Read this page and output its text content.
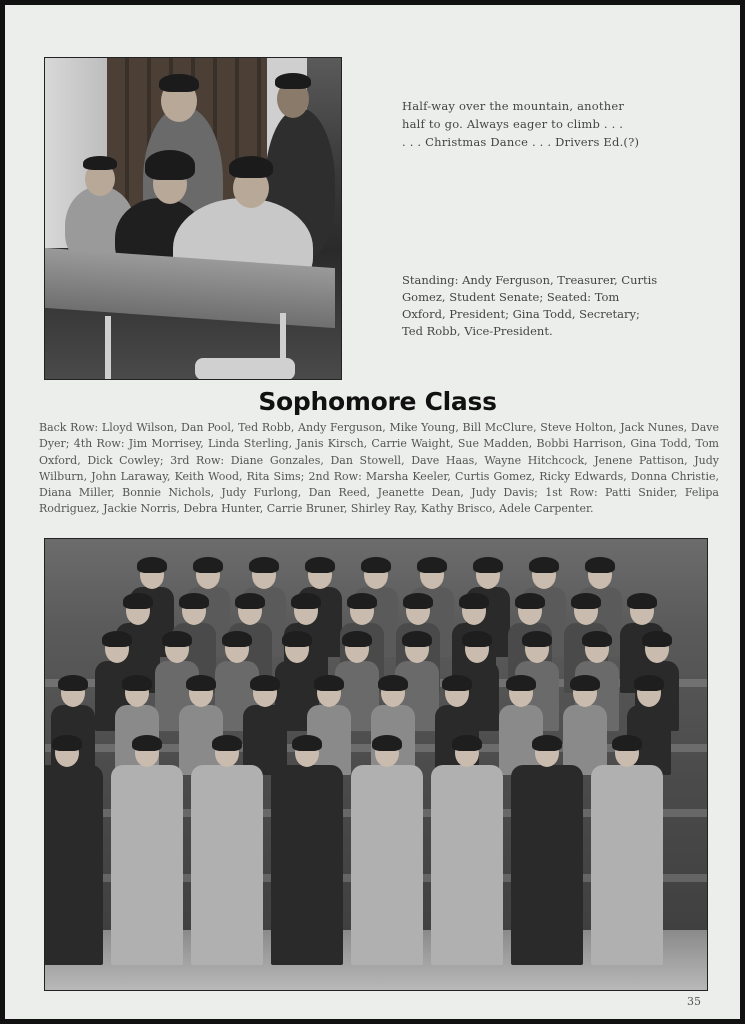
Half-way over the mountain, another
half to go. Always eager to climb . . .
. . . Christmas Dance . . . Drivers Ed.(?)
Standing: Andy Ferguson, Treasurer, Curtis
Gomez, Student Senate; Seated: Tom
Oxford, President; Gina Todd, Secretary;
Ted Robb, Vice-President.
Sophomore Class
Back Row: Lloyd Wilson, Dan Pool, Ted Robb, Andy Ferguson, Mike Young, Bill McClure, Steve Holton, Jack Nunes, Dave Dyer; 4th Row: Jim Morrisey, Linda Sterling, Janis Kirsch, Carrie Waight, Sue Madden, Bobbi Harrison, Gina Todd, Tom Oxford, Dick Cowley; 3rd Row: Diane Gonzales, Dan Stowell, Dave Haas, Wayne Hitchcock, Jenene Pattison, Judy Wilburn, John Laraway, Keith Wood, Rita Sims; 2nd Row: Marsha Keeler, Curtis Gomez, Ricky Edwards, Donna Christie, Diana Miller, Bonnie Nichols, Judy Furlong, Dan Reed, Jeanette Dean, Judy Davis; 1st Row: Patti Snider, Felipa Rodriguez, Jackie Norris, Debra Hunter, Carrie Bruner, Shirley Ray, Kathy Brisco, Adele Carpenter.
35
